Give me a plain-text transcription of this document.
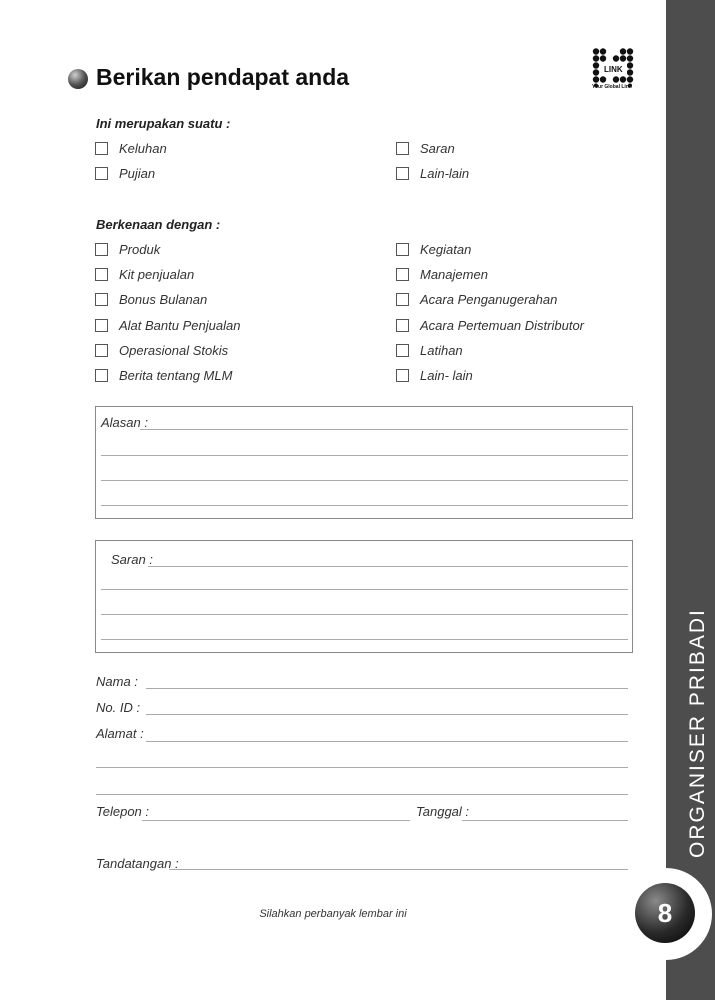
ORGANISER PRIBADI
8
Berikan pendapat anda	LINK
Your Global Link
Ini merupakan suatu :
Keluhan
Pujian
Saran
Lain-lain
Berkenaan dengan :
Produk
Kit penjualan
Bonus Bulanan
Alat Bantu Penjualan
Operasional Stokis
Berita tentang MLM
Kegiatan
Manajemen
Acara Penganugerahan
Acara Pertemuan Distributor
Latihan
Lain- lain
Alasan :
Saran :
Nama :
No. ID :
Alamat :
Telepon :	Tanggal :
Tandatangan :
Silahkan perbanyak lembar ini
